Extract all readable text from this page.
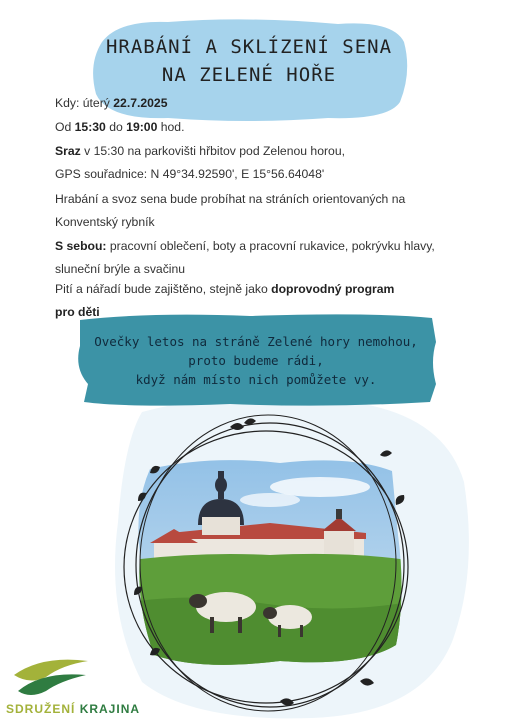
HRABÁNÍ A SKLÍZENÍ SENA
NA ZELENÉ HOŘE
Kdy: úterý 22.7.2025
Od 15:30 do 19:00 hod.
Sraz v 15:30 na parkovišti hřbitov pod Zelenou horou,
GPS souřadnice: N 49°34.92590', E 15°56.64048'
Hrabání a svoz sena bude probíhat na stráních orientovaných na Konventský rybník
S sebou: pracovní oblečení, boty a pracovní rukavice, pokrývku hlavy, sluneční brýle a svačinu
Pití a nářadí bude zajištěno, stejně jako doprovodný program
pro děti
Ovečky letos na stráně Zelené hory nemohou,
proto budeme rádi,
když nám místo nich pomůžete vy.
SDRUŽENÍ KRAJINA
